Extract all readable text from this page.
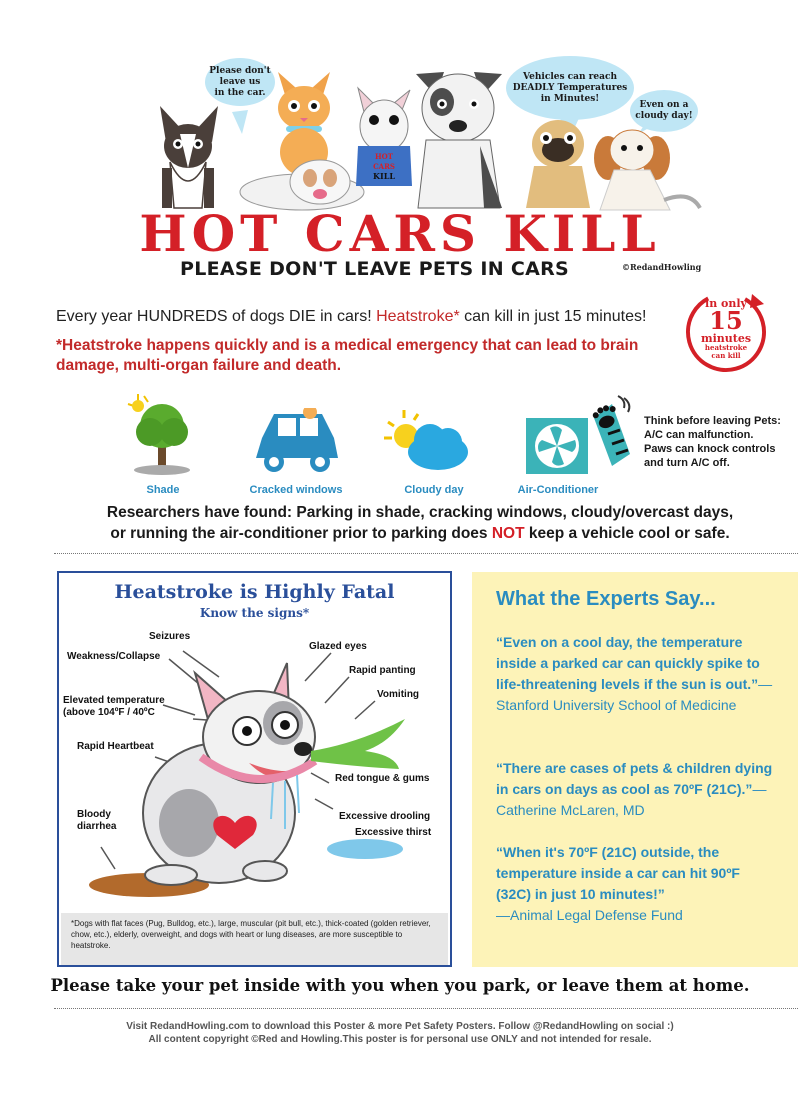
HOT
CARS
KILL
Please don't
leave us
in the car.
Vehicles can reach
DEADLY Temperatures
in Minutes!
Even on a
cloudy day!
HOT CARS KILL
PLEASE DON'T LEAVE PETS IN CARS	©RedandHowling
Every year HUNDREDS of dogs DIE in cars! Heatstroke* can kill in just 15 minutes!
*Heatstroke happens quickly and is a medical emergency that can lead to brain damage, multi-organ failure and death.
in only
15
minutes
heatstroke
can kill
Shade	Cracked windows	Cloudy day	Air-Conditioner
Think before leaving Pets:
A/C can malfunction.
Paws can knock controls
and turn A/C off.
Researchers have found: Parking in shade, cracking windows, cloudy/overcast days,
or running the air-conditioner prior to parking does NOT keep a vehicle cool or safe.
Heatstroke is Highly Fatal
Know the signs*
Seizures
Weakness/Collapse
Glazed eyes
Rapid panting
Elevated temperature
(above 104ºF / 40ºC
Vomiting
Rapid Heartbeat
Red tongue & gums
Bloody
diarrhea
Excessive drooling
Excessive thirst
*Dogs with flat faces (Pug, Bulldog, etc.), large, muscular (pit bull, etc.), thick-coated (golden retriever, chow, etc.), elderly, overweight, and dogs with heart or lung diseases, are more susceptible to heatstroke.
What the Experts Say...
“Even on a cool day, the temperature inside a parked car can quickly spike to life-threatening levels if the sun is out.”—Stanford University School of Medicine
“There are cases of pets & children dying in cars on days as cool as 70ºF (21C).”—Catherine McLaren, MD
“When it's 70ºF (21C) outside, the temperature inside a car can hit 90ºF (32C) in just 10 minutes!”
—Animal Legal Defense Fund
Please take your pet inside with you when you park, or leave them at home.
Visit RedandHowling.com to download this Poster & more Pet Safety Posters. Follow @RedandHowling on social :)
All content copyright ©Red and Howling.This poster is for personal use ONLY and not intended for resale.
